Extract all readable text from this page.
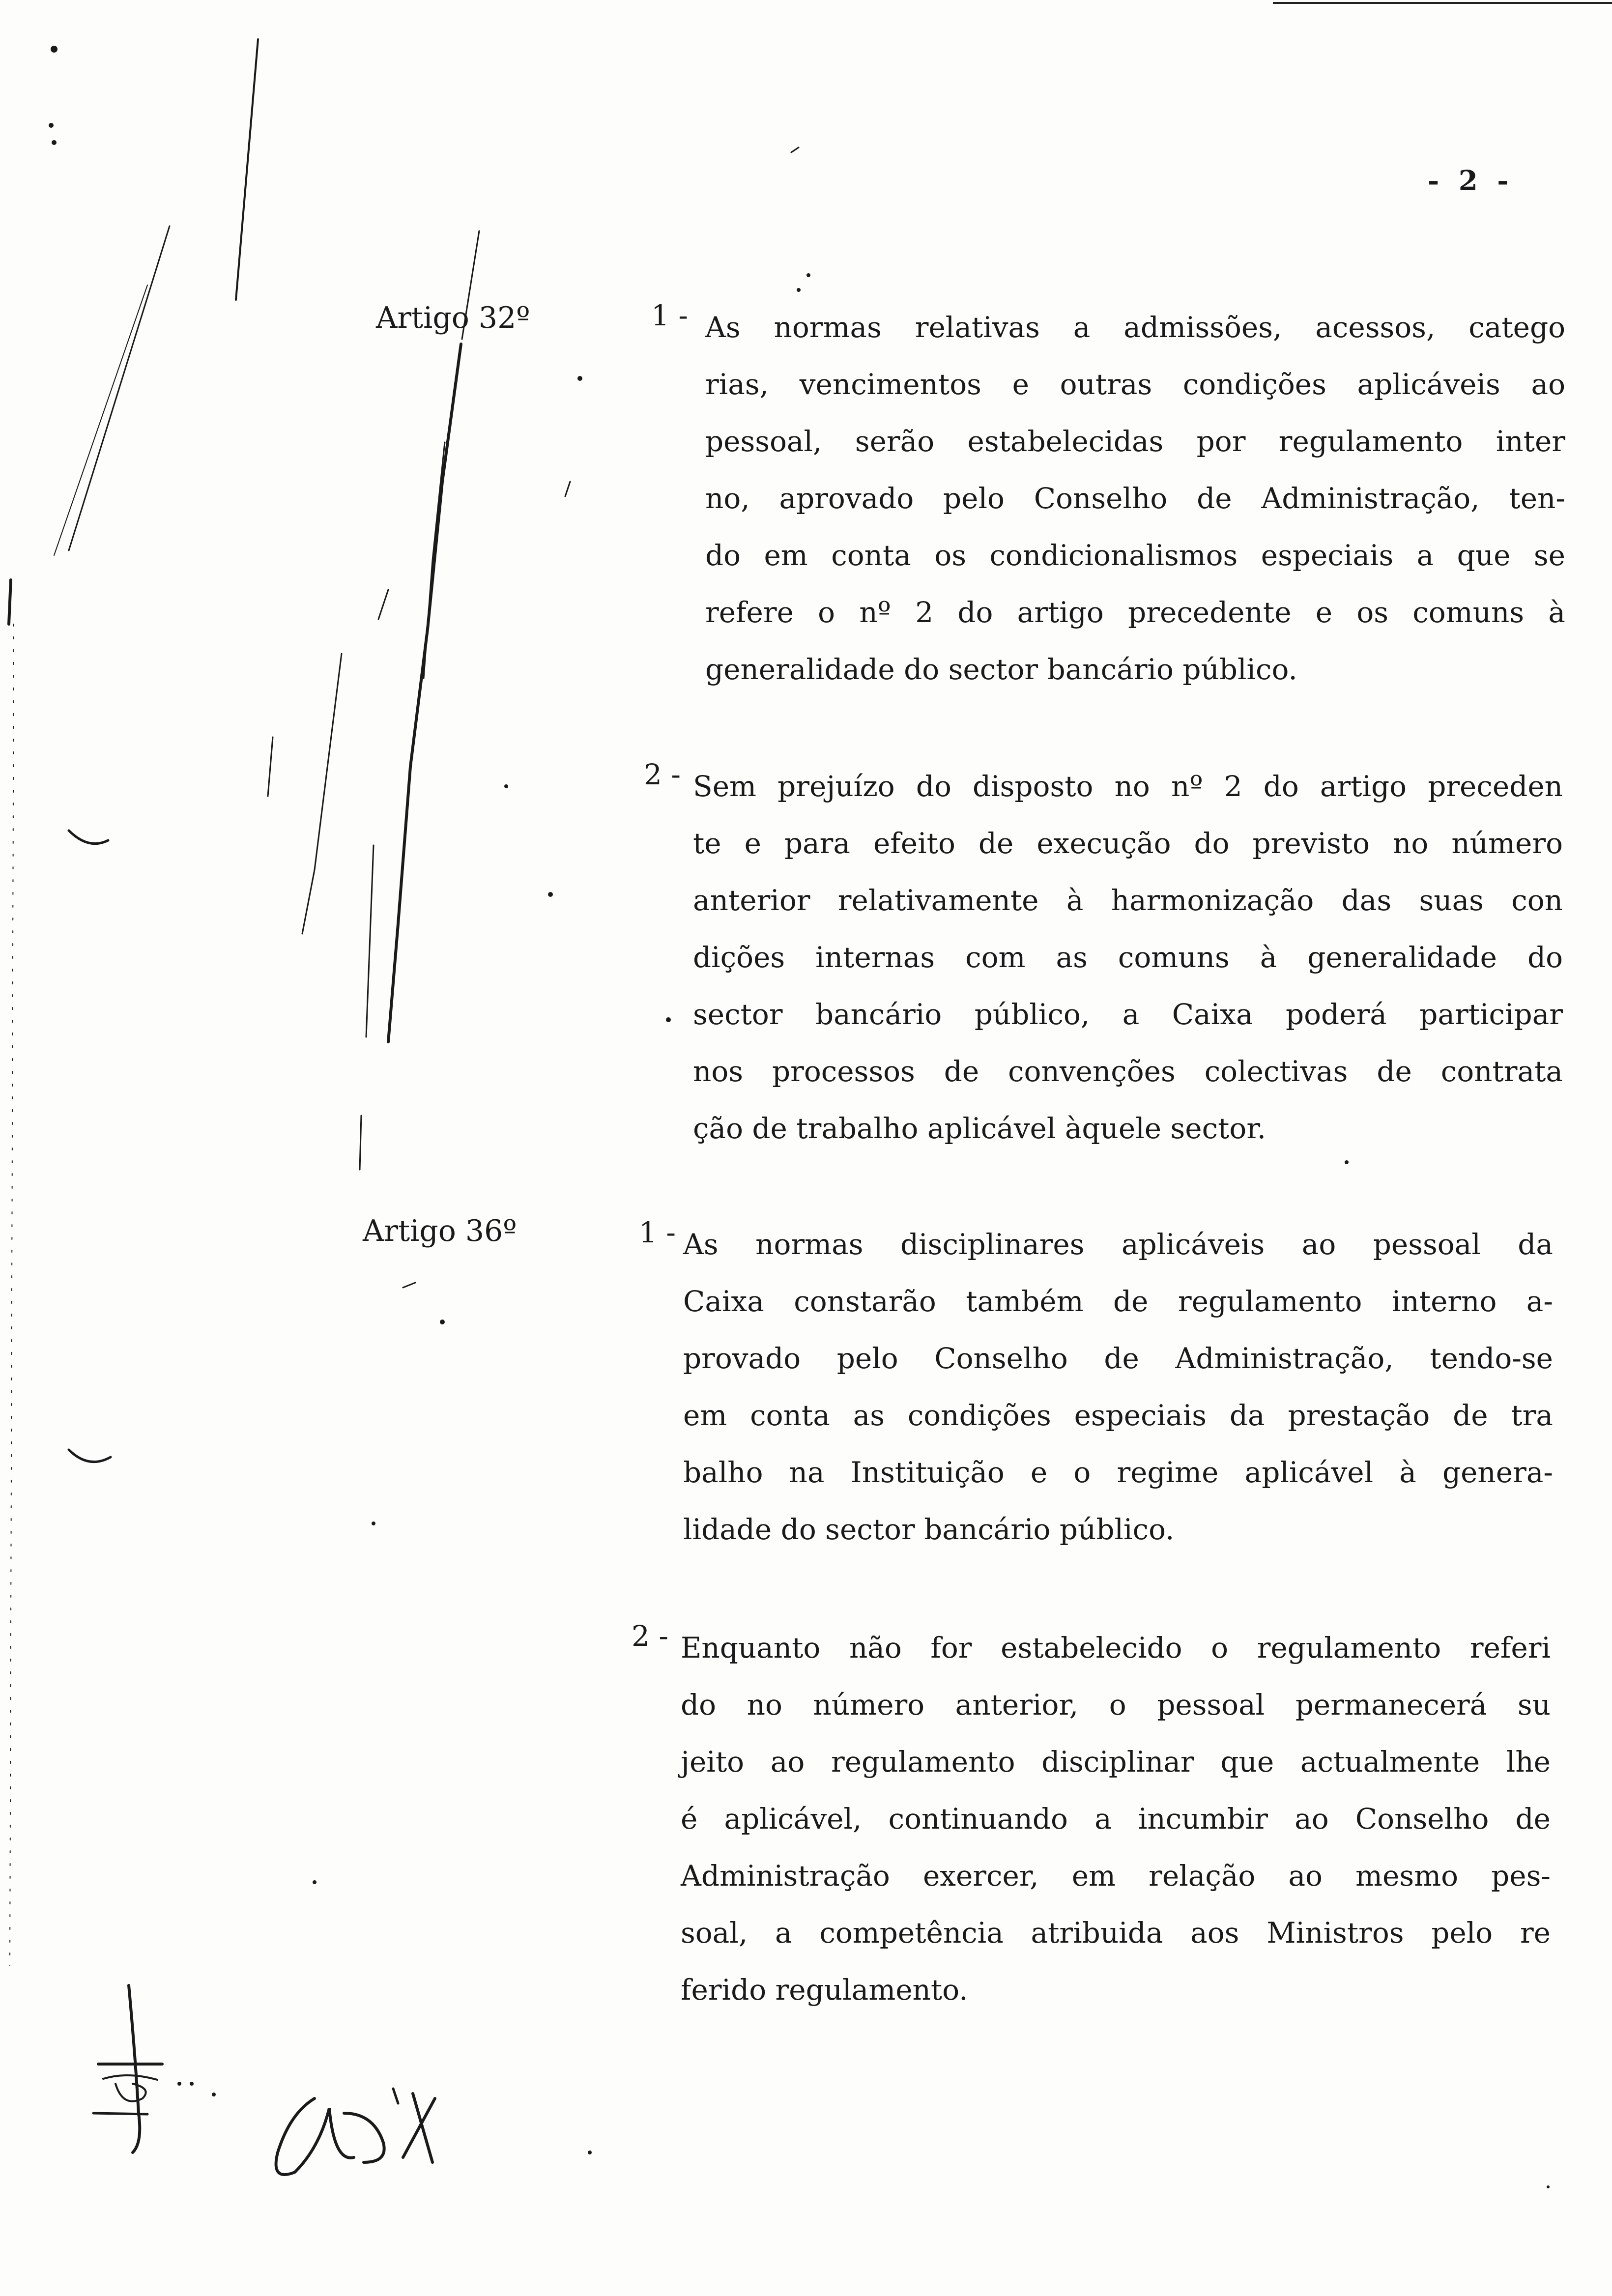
- 2 -
Artigo 32º	1 - As normas relativas a admissões, acessos, catego
rias, vencimentos e outras condições aplicáveis ao
pessoal, serão estabelecidas por regulamento inter
no, aprovado pelo Conselho de Administração, ten-
do em conta os condicionalismos especiais a que se
refere o nº 2 do artigo precedente e os comuns à
generalidade do sector bancário público.
2 - Sem prejuízo do disposto no nº 2 do artigo preceden
te e para efeito de execução do previsto no número
anterior relativamente à harmonização das suas con
dições internas com as comuns à generalidade do
sector bancário público, a Caixa poderá participar
nos processos de convenções colectivas de contrata
ção de trabalho aplicável àquele sector.
Artigo 36º	1 - As normas disciplinares aplicáveis ao pessoal da
Caixa constarão também de regulamento interno a-
provado pelo Conselho de Administração, tendo-se
em conta as condições especiais da prestação de tra
balho na Instituição e o regime aplicável à genera-
lidade do sector bancário público.
2 - Enquanto não for estabelecido o regulamento referi
do no número anterior, o pessoal permanecerá su
jeito ao regulamento disciplinar que actualmente lhe
é aplicável, continuando a incumbir ao Conselho de
Administração exercer, em relação ao mesmo pes-
soal, a competência atribuida aos Ministros pelo re
ferido regulamento.
